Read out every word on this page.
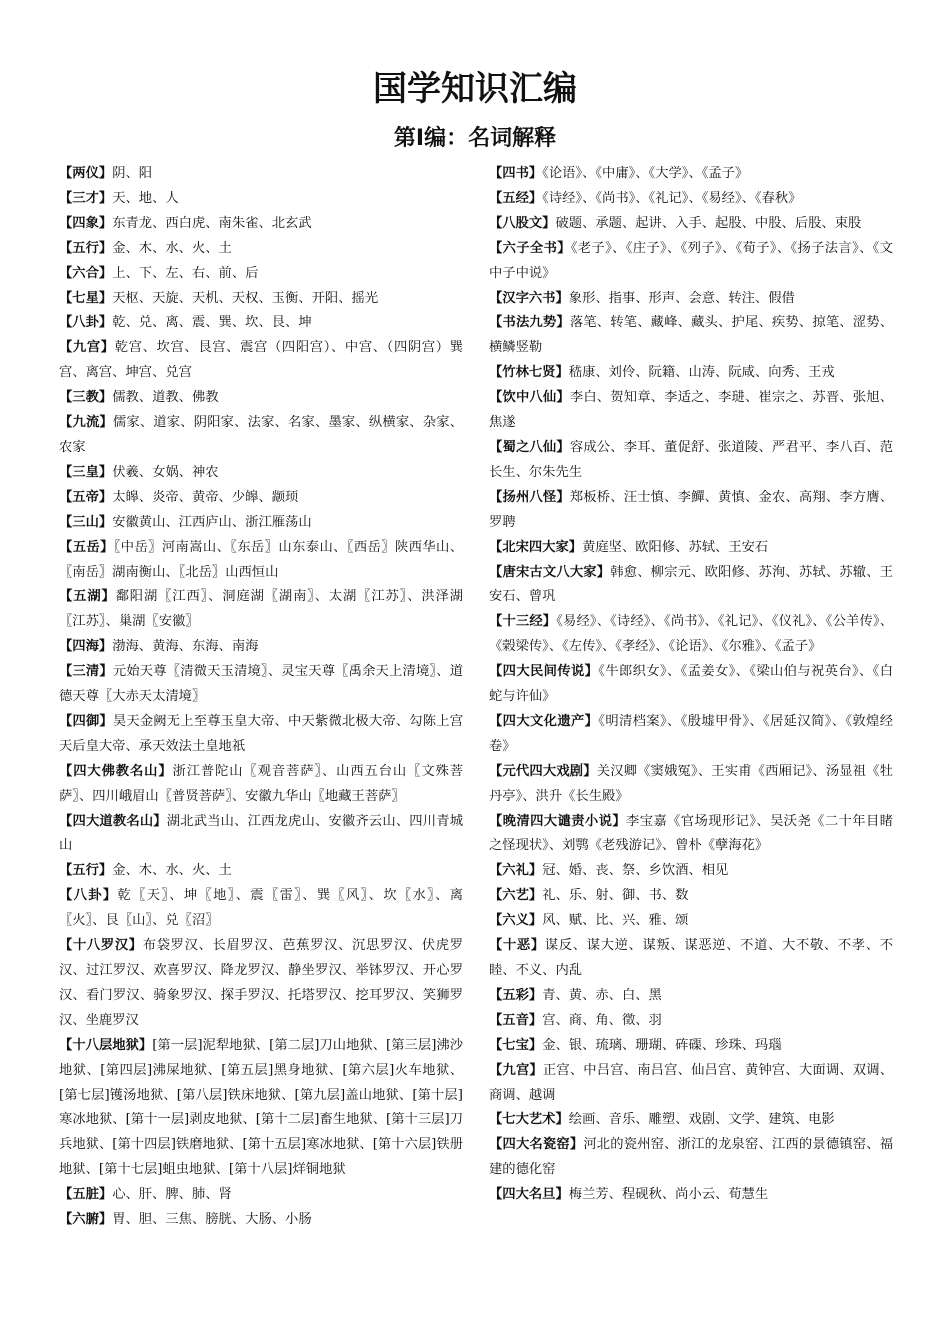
国学知识汇编
第Ⅰ编：名词解释

【两仪】阴、阳

【三才】天、地、人

【四象】东青龙、西白虎、南朱雀、北玄武

【五行】金、木、水、火、土

【六合】上、下、左、右、前、后

【七星】天枢、天旋、天机、天权、玉衡、开阳、摇光

【八卦】乾、兑、离、震、巽、坎、艮、坤

【九宫】乾宫、坎宫、艮宫、震宫（四阳宫）、中宫、（四阴宫）巽宫、离宫、坤宫、兑宫

【三教】儒教、道教、佛教

【九流】儒家、道家、阴阳家、法家、名家、墨家、纵横家、杂家、农家

【三皇】伏羲、女娲、神农

【五帝】太皞、炎帝、黄帝、少皞、颛顼

【三山】安徽黄山、江西庐山、浙江雁荡山

【五岳】〖中岳〗河南嵩山、〖东岳〗山东泰山、〖西岳〗陕西华山、〖南岳〗湖南衡山、〖北岳〗山西恒山

【五湖】鄱阳湖〖江西〗、洞庭湖〖湖南〗、太湖〖江苏〗、洪泽湖〖江苏〗、巢湖〖安徽〗

【四海】渤海、黄海、东海、南海

【三清】元始天尊〖清微天玉清境〗、灵宝天尊〖禹余天上清境〗、道德天尊〖大赤天太清境〗

【四御】昊天金阙无上至尊玉皇大帝、中天紫微北极大帝、勾陈上宫天后皇大帝、承天效法土皇地祇

【四大佛教名山】浙江普陀山〖观音菩萨〗、山西五台山〖文殊菩萨〗、四川峨眉山〖普贤菩萨〗、安徽九华山〖地藏王菩萨〗

【四大道教名山】湖北武当山、江西龙虎山、安徽齐云山、四川青城山

【五行】金、木、水、火、土

【八卦】乾〖天〗、坤〖地〗、震〖雷〗、巽〖风〗、坎〖水〗、离〖火〗、艮〖山〗、兑〖沼〗

【十八罗汉】布袋罗汉、长眉罗汉、芭蕉罗汉、沉思罗汉、伏虎罗汉、过江罗汉、欢喜罗汉、降龙罗汉、静坐罗汉、举钵罗汉、开心罗汉、看门罗汉、骑象罗汉、探手罗汉、托塔罗汉、挖耳罗汉、笑狮罗汉、坐鹿罗汉

【十八层地狱】[第一层]泥犁地狱、[第二层]刀山地狱、[第三层]沸沙地狱、[第四层]沸屎地狱、[第五层]黑身地狱、[第六层]火车地狱、[第七层]镬汤地狱、[第八层]铁床地狱、[第九层]盖山地狱、[第十层]寒冰地狱、[第十一层]剥皮地狱、[第十二层]畜生地狱、[第十三层]刀兵地狱、[第十四层]铁磨地狱、[第十五层]寒冰地狱、[第十六层]铁册地狱、[第十七层]蛆虫地狱、[第十八层]烊铜地狱

【五脏】心、肝、脾、肺、肾

【六腑】胃、胆、三焦、膀胱、大肠、小肠

【四书】《论语》、《中庸》、《大学》、《孟子》

【五经】《诗经》、《尚书》、《礼记》、《易经》、《春秋》

【八股文】破题、承题、起讲、入手、起股、中股、后股、束股

【六子全书】《老子》、《庄子》、《列子》、《荀子》、《扬子法言》、《文中子中说》

【汉字六书】象形、指事、形声、会意、转注、假借

【书法九势】落笔、转笔、藏峰、藏头、护尾、疾势、掠笔、涩势、横鳞竖勒

【竹林七贤】嵇康、刘伶、阮籍、山涛、阮咸、向秀、王戎

【饮中八仙】李白、贺知章、李适之、李琎、崔宗之、苏晋、张旭、焦遂

【蜀之八仙】容成公、李耳、董促舒、张道陵、严君平、李八百、范长生、尔朱先生

【扬州八怪】郑板桥、汪士慎、李鱓、黄慎、金农、高翔、李方膺、罗聘

【北宋四大家】黄庭坚、欧阳修、苏轼、王安石

【唐宋古文八大家】韩愈、柳宗元、欧阳修、苏洵、苏轼、苏辙、王安石、曾巩

【十三经】《易经》、《诗经》、《尚书》、《礼记》、《仪礼》、《公羊传》、《榖梁传》、《左传》、《孝经》、《论语》、《尔雅》、《孟子》

【四大民间传说】《牛郎织女》、《孟姜女》、《梁山伯与祝英台》、《白蛇与许仙》

【四大文化遗产】《明清档案》、《殷墟甲骨》、《居延汉简》、《敦煌经卷》

【元代四大戏剧】关汉卿《窦娥冤》、王实甫《西厢记》、汤显祖《牡丹亭》、洪升《长生殿》

【晚清四大谴责小说】李宝嘉《官场现形记》、吴沃尧《二十年目睹之怪现状》、刘鹗《老残游记》、曾朴《孽海花》

【六礼】冠、婚、丧、祭、乡饮酒、相见

【六艺】礼、乐、射、御、书、数

【六义】风、赋、比、兴、雅、颂

【十恶】谋反、谋大逆、谋叛、谋恶逆、不道、大不敬、不孝、不睦、不义、内乱

【五彩】青、黄、赤、白、黑

【五音】宫、商、角、徵、羽

【七宝】金、银、琉璃、珊瑚、砗磲、珍珠、玛瑙

【九宫】正宫、中吕宫、南吕宫、仙吕宫、黄钟宫、大面调、双调、商调、越调

【七大艺术】绘画、音乐、雕塑、戏剧、文学、建筑、电影

【四大名瓷窑】河北的瓷州窑、浙江的龙泉窑、江西的景德镇窑、福建的德化窑

【四大名旦】梅兰芳、程砚秋、尚小云、荀慧生
